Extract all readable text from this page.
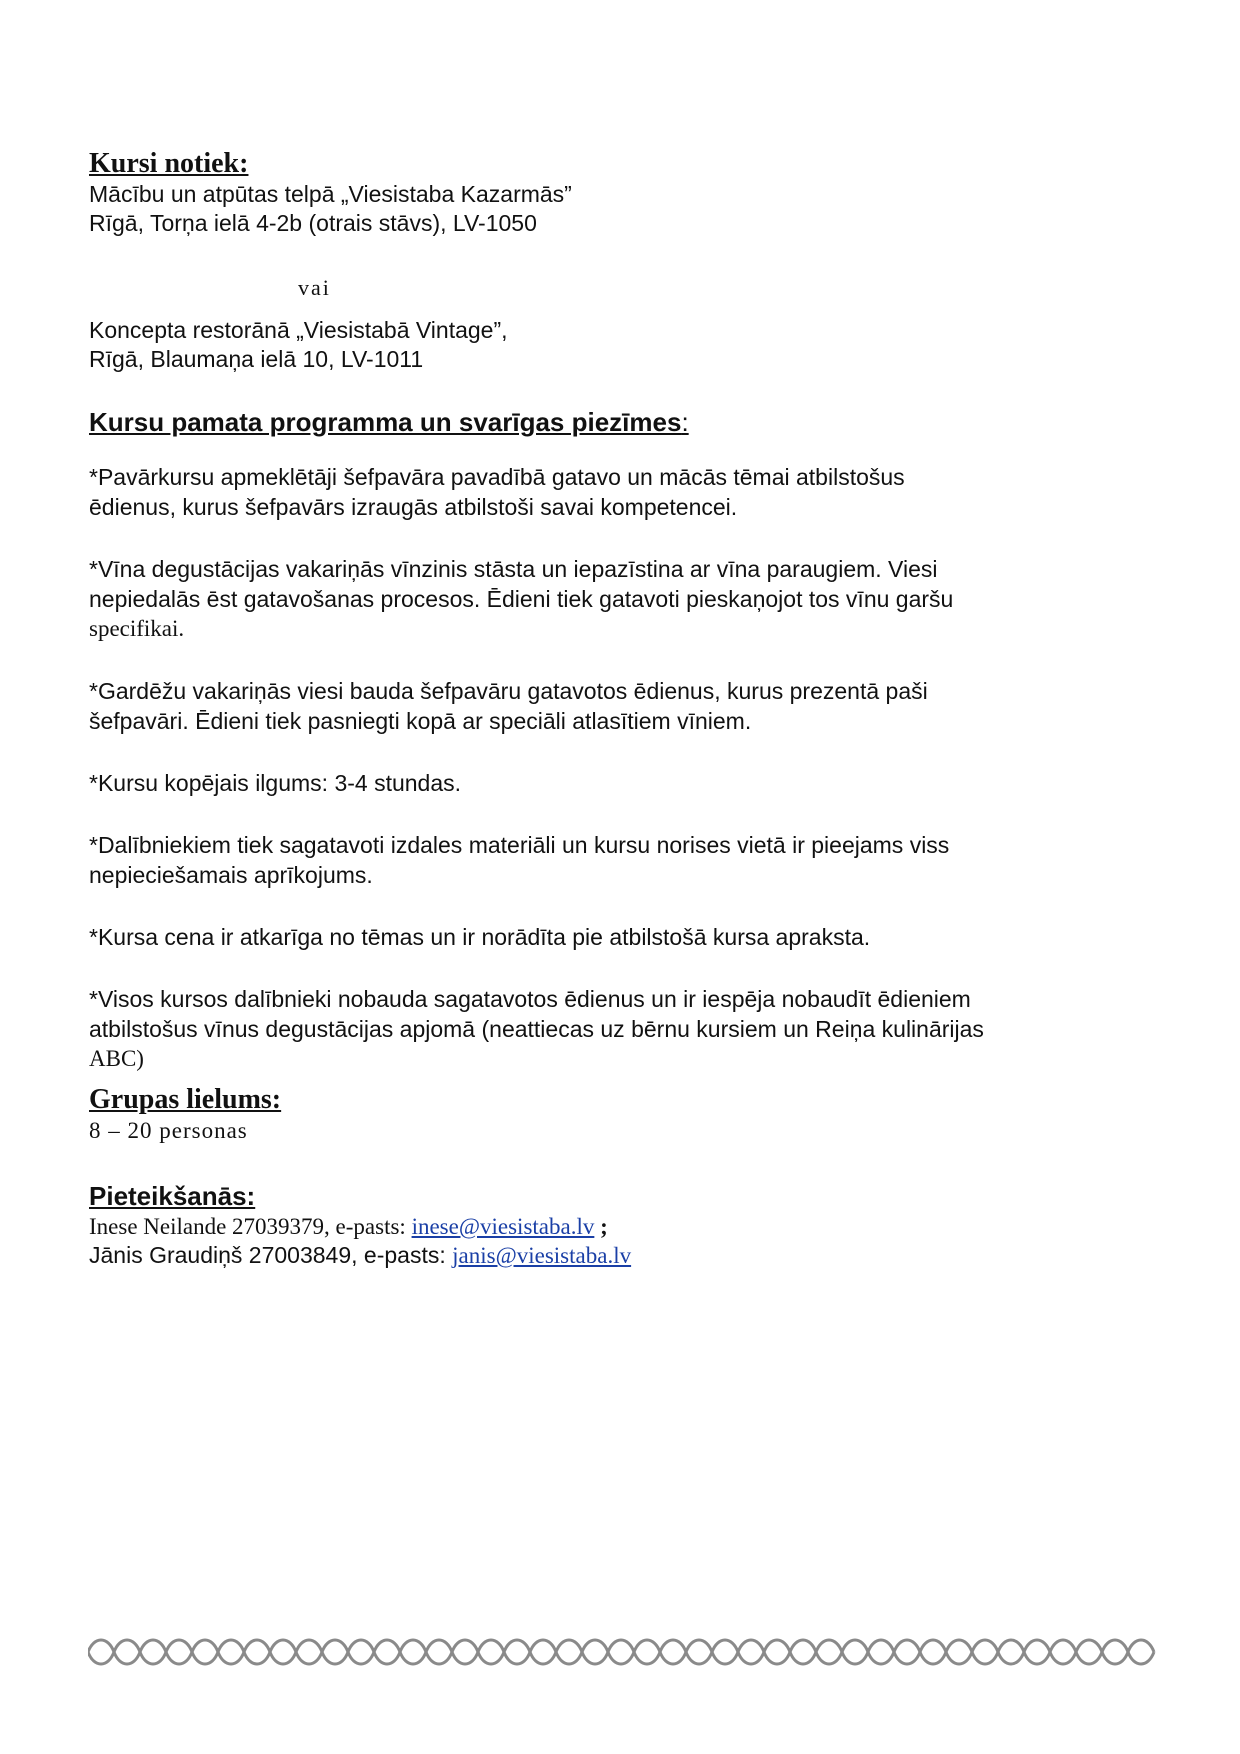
Kursi notiek:

Mācību un atpūtas telpā „Viesistaba Kazarmās”

Rīgā, Torņa ielā 4-2b (otrais stāvs), LV-1050

vai

Koncepta restorānā „Viesistabā Vintage”,

Rīgā, Blaumaņa ielā 10, LV-1011

Kursu pamata programma un svarīgas piezīmes:

*Pavārkursu apmeklētāji šefpavāra pavadībā gatavo un mācās tēmai atbilstošus

ēdienus, kurus šefpavārs izraugās atbilstoši savai kompetencei.

*Vīna degustācijas vakariņās vīnzinis stāsta un iepazīstina ar vīna paraugiem. Viesi

nepiedalās ēst gatavošanas procesos. Ēdieni tiek gatavoti pieskaņojot tos vīnu garšu

specifikai.

*Gardēžu vakariņās viesi bauda šefpavāru gatavotos ēdienus, kurus prezentā paši

šefpavāri. Ēdieni tiek pasniegti kopā ar speciāli atlasītiem vīniem.

*Kursu kopējais ilgums: 3-4 stundas.

*Dalībniekiem tiek sagatavoti izdales materiāli un kursu norises vietā ir pieejams viss

nepieciešamais aprīkojums.

*Kursa cena ir atkarīga no tēmas un ir norādīta pie atbilstošā kursa apraksta.

*Visos kursos dalībnieki nobauda sagatavotos ēdienus un ir iespēja nobaudīt ēdieniem

atbilstošus vīnus degustācijas apjomā (neattiecas uz bērnu kursiem un Reiņa kulinārijas

ABC)

Grupas lielums:

8 – 20 personas

Pieteikšanās:

Inese Neilande 27039379, e-pasts: inese@viesistaba.lv ;

Jānis Graudiņš 27003849, e-pasts: janis@viesistaba.lv
